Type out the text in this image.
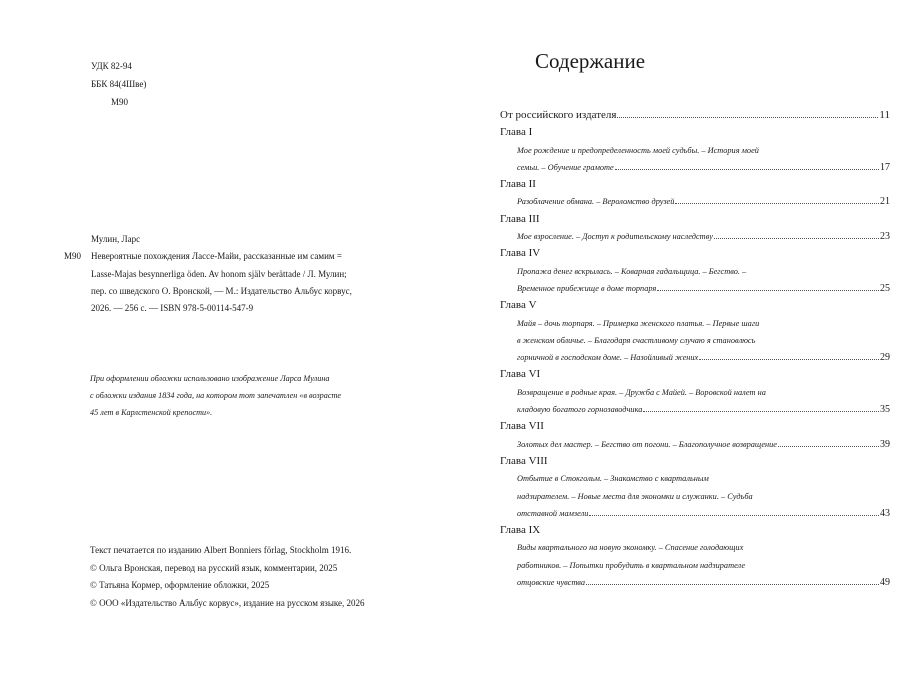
УДК 82-94
ББК 84(4Шве)
М90
Мулин, Ларс
М90 Невероятные похождения Лассе-Майи, рассказанные им самим =
Lasse-Majas besynnerliga öden. Av honom själv berättade / Л. Мулин;
пер. со шведского О. Вронской, — М.: Издательство Альбус корвус,
2026. — 256 с. — ISBN 978-5-00114-547-9
При оформлении обложки использовано изображение Ларса Мулина
с обложки издания 1834 года, на котором тот запечатлен «в возрасте
45 лет в Карлстенской крепости».
Текст печатается по изданию Albert Bonniers förlag, Stockholm 1916.
© Ольга Вронская, перевод на русский язык, комментарии, 2025
© Татьяна Кормер, оформление обложки, 2025
© ООО «Издательство Альбус корвус», издание на русском языке, 2026
Содержание
От российского издателя	11
Глава I
Мое рождение и предопределенность моей судьбы. – История моей
семьи. – Обучение грамоте	17
Глава II
Разоблачение обмана. – Вероломство друзей	21
Глава III
Мое взросление. – Доступ к родительскому наследству	23
Глава IV
Пропажа денег вскрылась. – Коварная гадальщица. – Бегство. –
Временное прибежище в доме торпаря	25
Глава V
Майя – дочь торпаря. – Примерка женского платья. – Первые шаги
в женском обличье. – Благодаря счастливому случаю я становлюсь
горничной в господском доме. – Назойливый жених	29
Глава VI
Возвращение в родные края. – Дружба с Майей. – Воровской налет на
кладовую богатого горнозаводчика	35
Глава VII
Золотых дел мастер. – Бегство от погони. – Благополучное возвращение	39
Глава VIII
Отбытие в Стокгольм. – Знакомство с квартальным
надзирателем. – Новые места для экономки и служанки. – Судьба
отставной мамзели	43
Глава IX
Виды квартального на новую экономку. – Спасение голодающих
работников. – Попытки пробудить в квартальном надзирателе
отцовские чувства	49
